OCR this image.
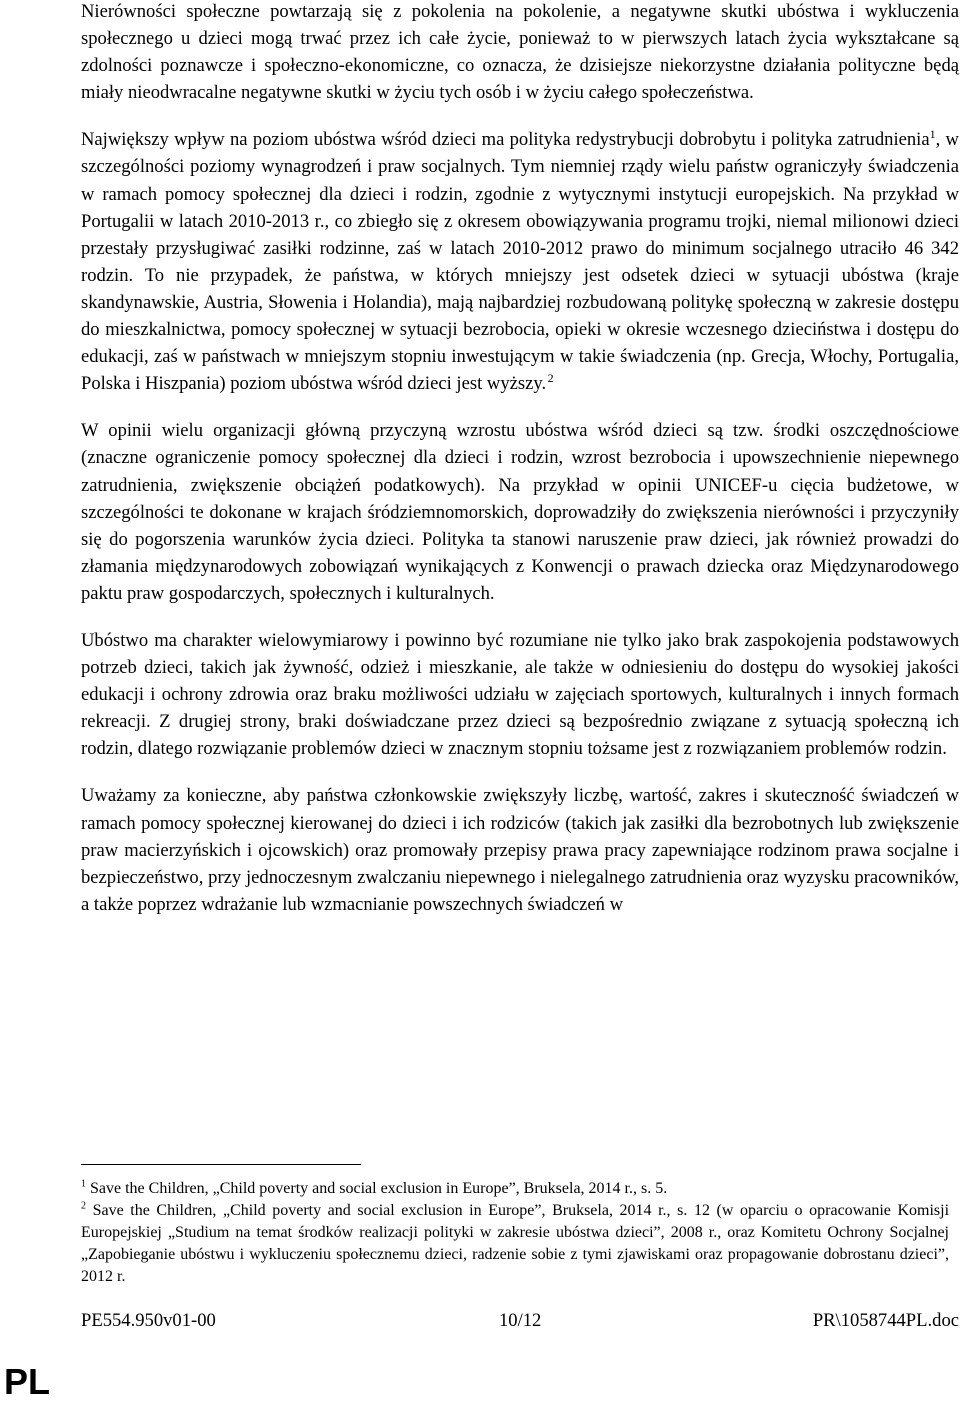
Nierówności społeczne powtarzają się z pokolenia na pokolenie, a negatywne skutki ubóstwa i wykluczenia społecznego u dzieci mogą trwać przez ich całe życie, ponieważ to w pierwszych latach życia wykształcane są zdolności poznawcze i społeczno-ekonomiczne, co oznacza, że dzisiejsze niekorzystne działania polityczne będą miały nieodwracalne negatywne skutki w życiu tych osób i w życiu całego społeczeństwa.

Największy wpływ na poziom ubóstwa wśród dzieci ma polityka redystrybucji dobrobytu i polityka zatrudnienia$^1$, w szczególności poziomy wynagrodzeń i praw socjalnych. Tym niemniej rządy wielu państw ograniczyły świadczenia w ramach pomocy społecznej dla dzieci i rodzin, zgodnie z wytycznymi instytucji europejskich. Na przykład w Portugalii w latach 2010-2013 r., co zbiegło się z okresem obowiązywania programu trojki, niemal milionowi dzieci przestały przysługiwać zasiłki rodzinne, zaś w latach 2010-2012 prawo do minimum socjalnego utraciło 46 342 rodzin. To nie przypadek, że państwa, w których mniejszy jest odsetek dzieci w sytuacji ubóstwa (kraje skandynawskie, Austria, Słowenia i Holandia), mają najbardziej rozbudowaną politykę społeczną w zakresie dostępu do mieszkalnictwa, pomocy społecznej w sytuacji bezrobocia, opieki w okresie wczesnego dzieciństwa i dostępu do edukacji, zaś w państwach w mniejszym stopniu inwestującym w takie świadczenia (np. Grecja, Włochy, Portugalia, Polska i Hiszpania) poziom ubóstwa wśród dzieci jest wyższy.  $^2$

W opinii wielu organizacji główną przyczyną wzrostu ubóstwa wśród dzieci są tzw. środki oszczędnościowe (znaczne ograniczenie pomocy społecznej dla dzieci i rodzin, wzrost bezrobocia i upowszechnienie niepewnego zatrudnienia, zwiększenie obciążeń podatkowych). Na przykład w opinii UNICEF-u cięcia budżetowe, w szczególności te dokonane w krajach śródziemnomorskich, doprowadziły do zwiększenia nierówności i przyczyniły się do pogorszenia warunków życia dzieci. Polityka ta stanowi naruszenie praw dzieci, jak również prowadzi do złamania międzynarodowych zobowiązań wynikających z Konwencji o prawach dziecka oraz Międzynarodowego paktu praw gospodarczych, społecznych i kulturalnych.

Ubóstwo ma charakter wielowymiarowy i powinno być rozumiane nie tylko jako brak zaspokojenia podstawowych potrzeb dzieci, takich jak żywność, odzież i mieszkanie, ale także w odniesieniu do dostępu do wysokiej jakości edukacji i ochrony zdrowia oraz braku możliwości udziału w zajęciach sportowych, kulturalnych i innych formach rekreacji. Z drugiej strony, braki doświadczane przez dzieci są bezpośrednio związane z sytuacją społeczną ich rodzin, dlatego rozwiązanie problemów dzieci w znacznym stopniu tożsame jest z rozwiązaniem problemów rodzin.

Uważamy za konieczne, aby państwa członkowskie zwiększyły liczbę, wartość, zakres i skuteczność świadczeń w ramach pomocy społecznej kierowanej do dzieci i ich rodziców (takich jak zasiłki dla bezrobotnych lub zwiększenie praw macierzyńskich i ojcowskich) oraz promowały przepisy prawa pracy zapewniające rodzinom prawa socjalne i bezpieczeństwo, przy jednoczesnym zwalczaniu niepewnego i nielegalnego zatrudnienia oraz wyzysku pracowników, a także poprzez wdrażanie lub wzmacnianie powszechnych świadczeń w

$^1$ Save the Children, „Child poverty and social exclusion in Europe”, Bruksela, 2014 r., s. 5.

$^2$ Save the Children, „Child poverty and social exclusion in Europe”, Bruksela, 2014 r., s. 12 (w oparciu o opracowanie Komisji Europejskiej „Studium na temat środków realizacji polityki w zakresie ubóstwa dzieci”, 2008 r., oraz Komitetu Ochrony Socjalnej „Zapobieganie ubóstwu i wykluczeniu społecznemu dzieci, radzenie sobie z tymi zjawiskami oraz propagowanie dobrostanu dzieci”, 2012 r.

PE554.950v01-00	10/12	PR\1058744PL.doc
PL
